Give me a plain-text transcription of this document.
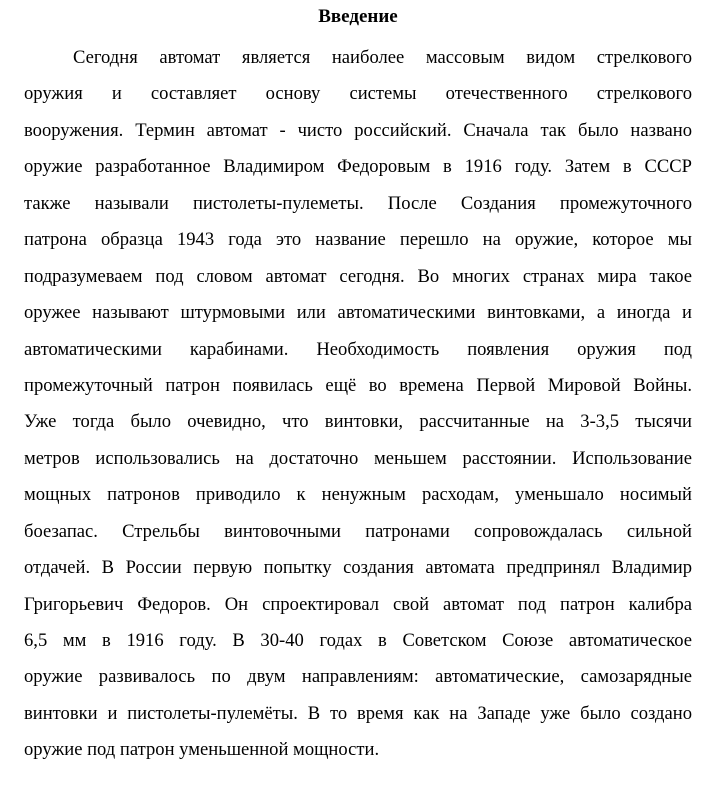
Введение
Сегодня автомат является наиболее массовым видом стрелкового
оружия и составляет основу системы отечественного стрелкового
вооружения. Термин автомат - чисто российский. Сначала так было названо
оружие разработанное Владимиром Федоровым в 1916 году. Затем в СССР
также называли пистолеты-пулеметы. После Создания промежуточного
патрона образца 1943 года это название перешло на оружие, которое мы
подразумеваем под словом автомат сегодня. Во многих странах мира такое
оружее называют штурмовыми или автоматическими винтовками, а иногда и
автоматическими карабинами. Необходимость появления оружия под
промежуточный патрон появилась ещё во времена Первой Мировой Войны.
Уже тогда было очевидно, что винтовки, рассчитанные на 3-3,5 тысячи
метров использовались на достаточно меньшем расстоянии. Использование
мощных патронов приводило к ненужным расходам, уменьшало носимый
боезапас. Стрельбы винтовочными патронами сопровождалась сильной
отдачей. В России первую попытку создания автомата предпринял Владимир
Григорьевич Федоров. Он спроектировал свой автомат под патрон калибра
6,5 мм в 1916 году. В 30-40 годах в Советском Союзе автоматическое
оружие развивалось по двум направлениям: автоматические, самозарядные
винтовки и пистолеты-пулемёты. В то время как на Западе уже было создано
оружие под патрон уменьшенной мощности.
